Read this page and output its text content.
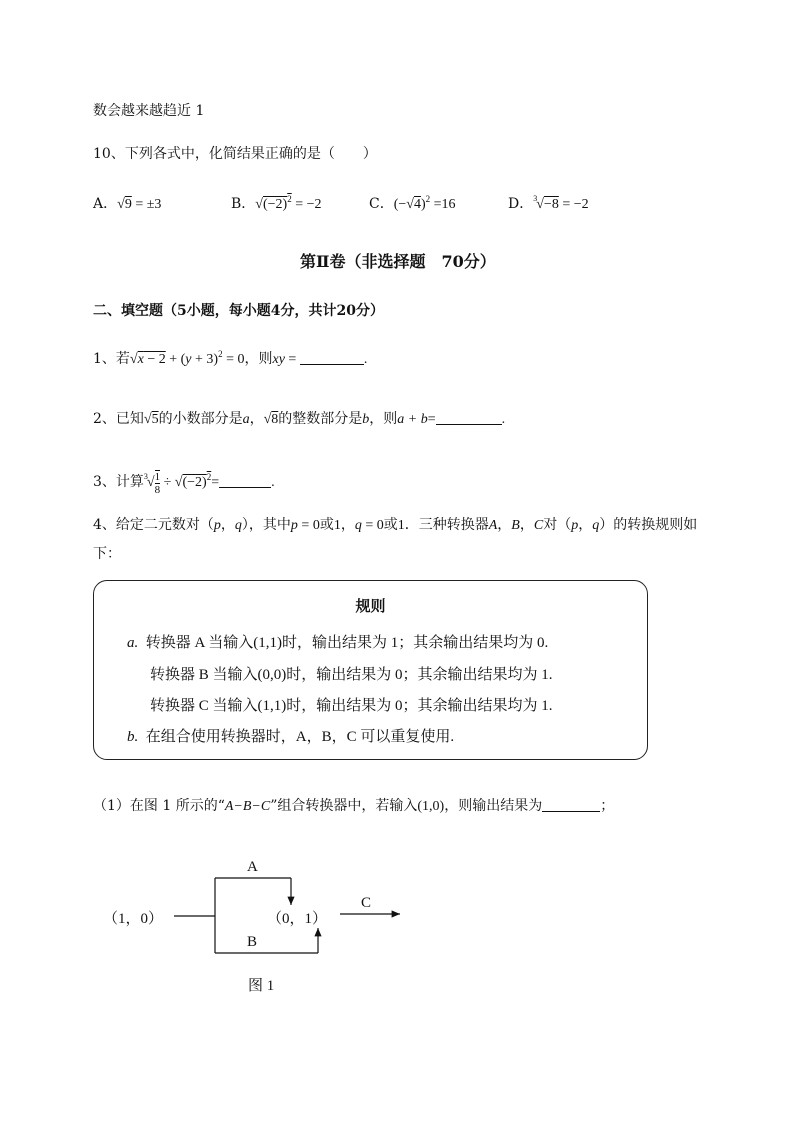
数会越来越趋近 1
10、下列各式中，化简结果正确的是（　　）
A．√9 = ±3	B．$√(-2)^2 = -2$	C．$(-√4)^2 =16$	D．$^3$√−8 = −2
第Ⅱ卷（非选择题　70分）
二、填空题（5小题，每小题4分，共计20分）
1、若$√x - 2 + (y + 3)^2 = 0$，则xy =	.
2、已知√5的小数部分是a，√8的整数部分是b，则a + b=	.
3、计算$^3√ \frac{1}{8} \div √(-2)^2=$	.
4、给定二元数对（p，q），其中p = 0或1，q = 0或1．三种转换器A，B，C对（p，q）的转换规则如
下：
规则
a. 转换器 A 当输入(1,1)时，输出结果为 1；其余输出结果均为 0.
转换器 B 当输入(0,0)时，输出结果为 0；其余输出结果均为 1.
转换器 C 当输入(1,1)时，输出结果为 0；其余输出结果均为 1.
b. 在组合使用转换器时，A，B，C 可以重复使用.
（1）在图 1 所示的“A−B−C”组合转换器中，若输入(1,0)，则输出结果为	；
（1，0）
A
B
（0，1）
C
图 1
